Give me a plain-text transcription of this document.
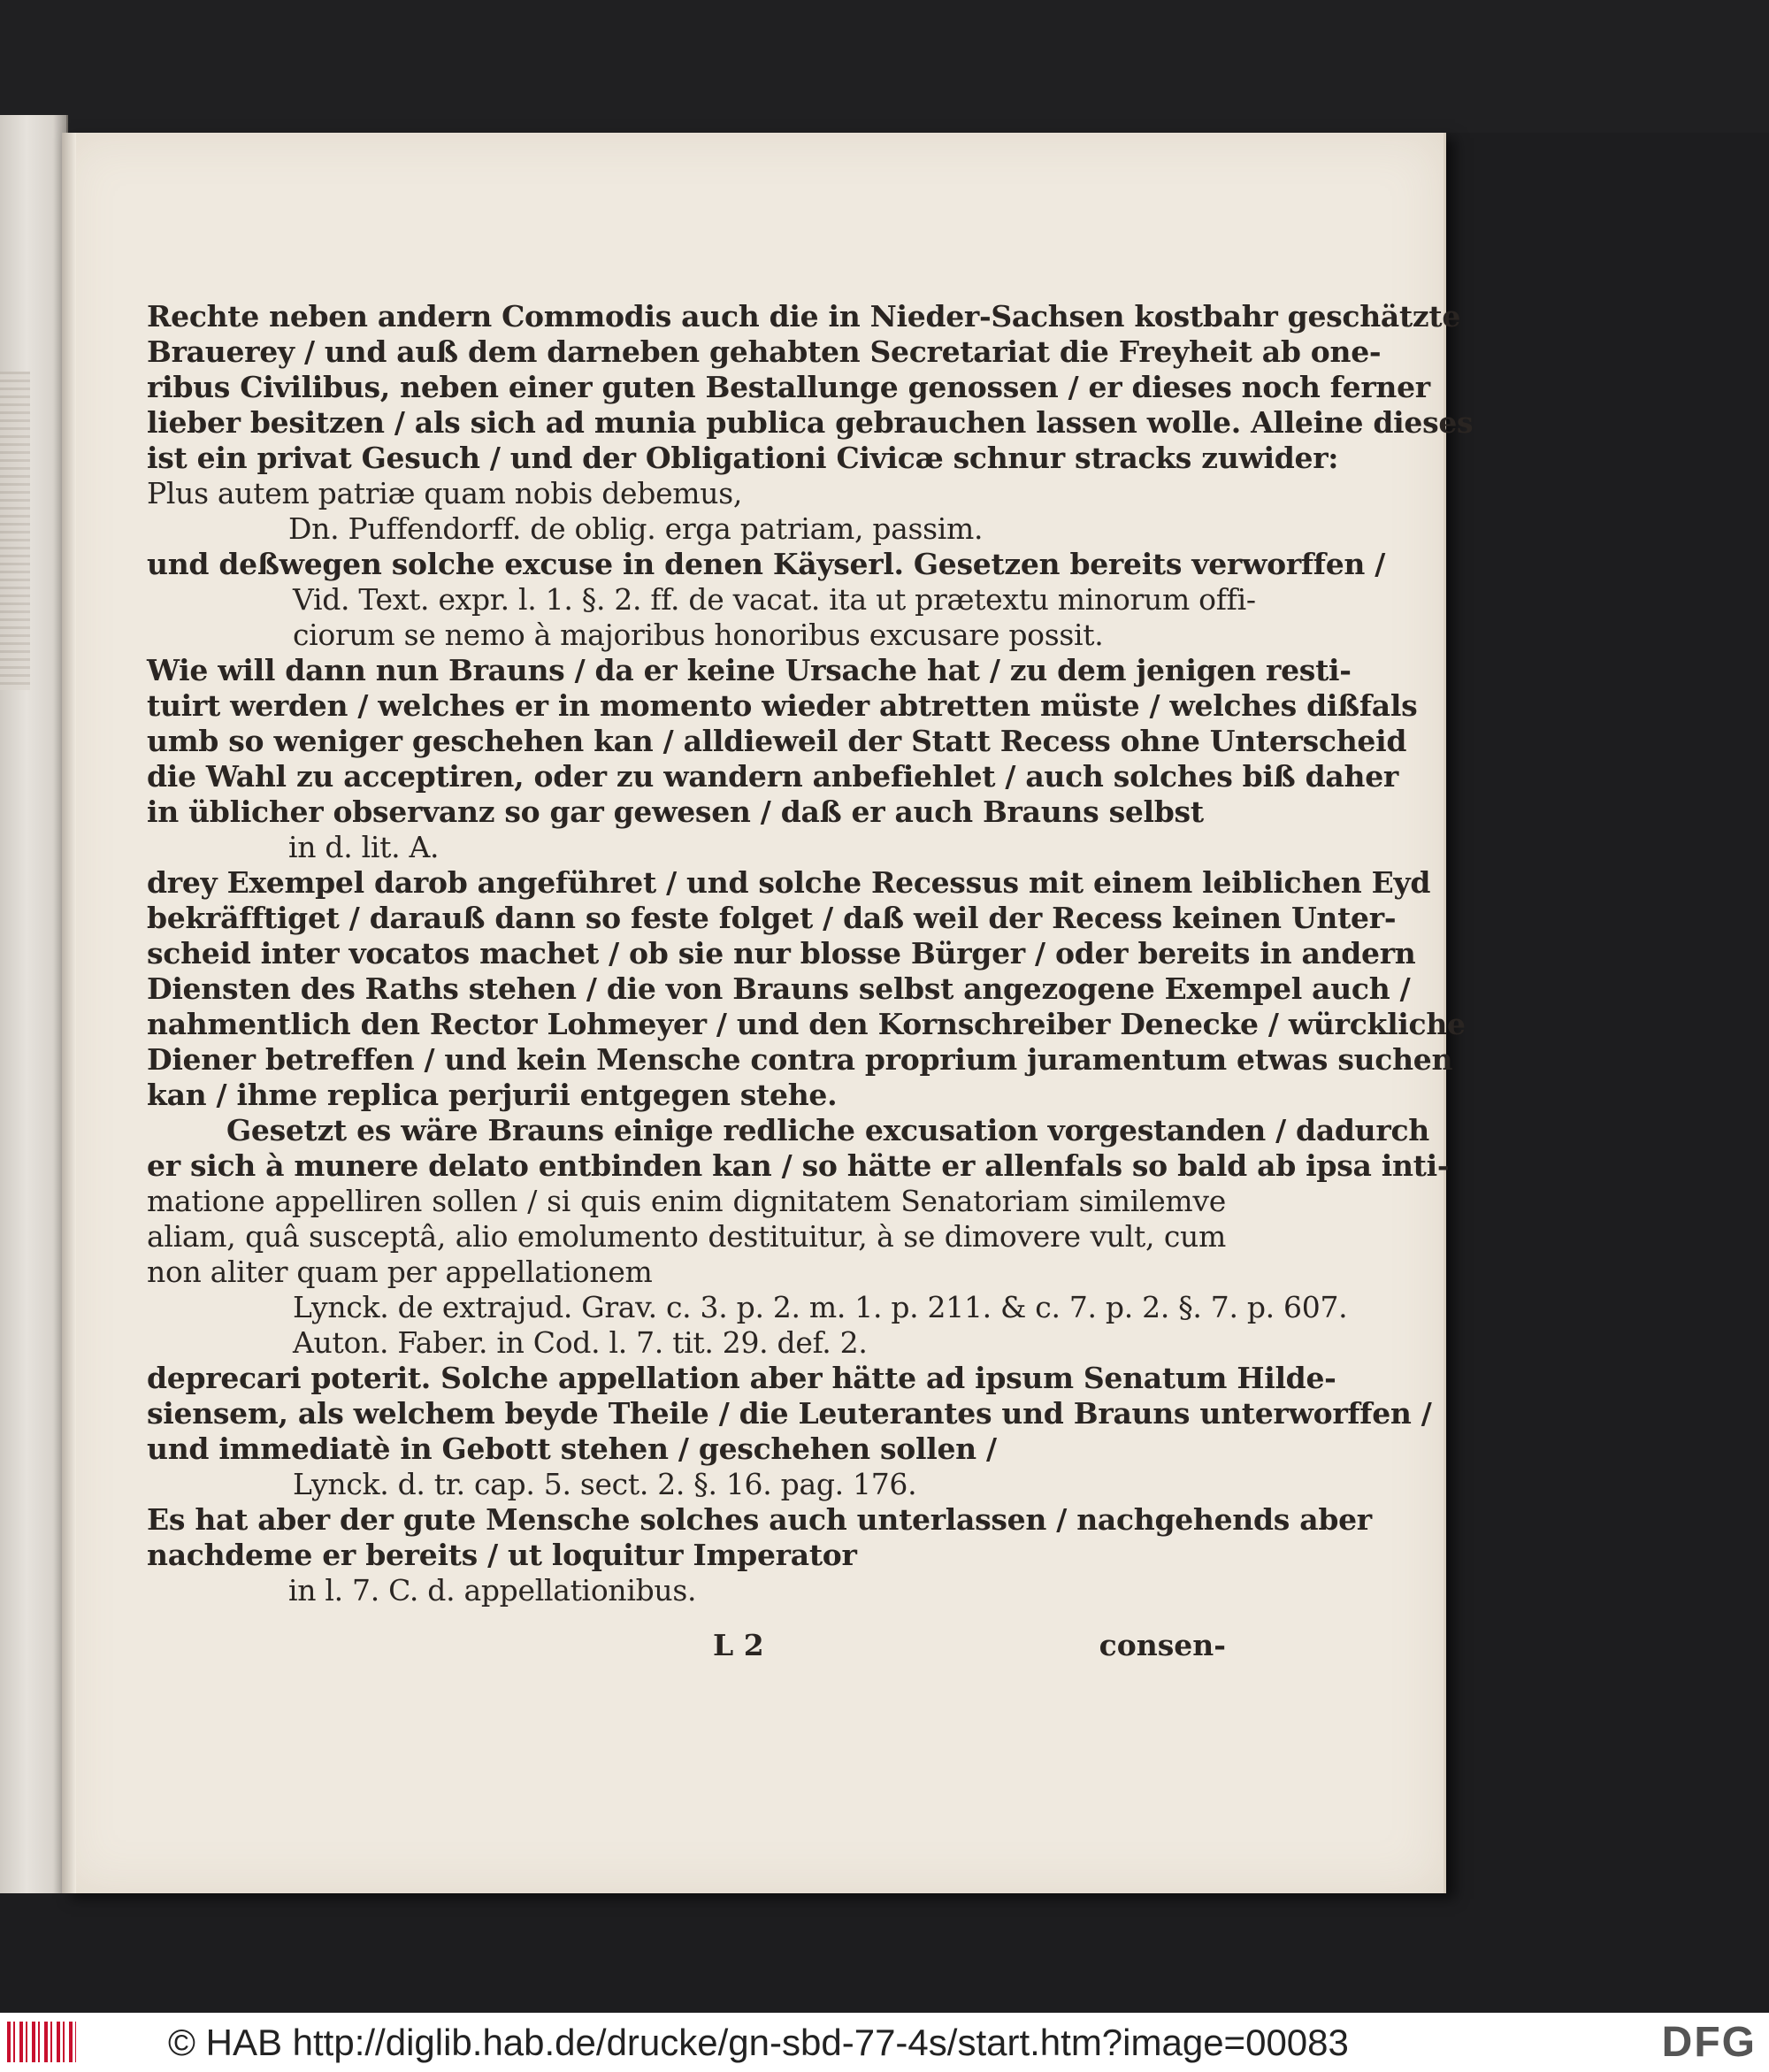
Rechte neben andern Commodis auch die in Nieder-Sachsen kostbahr geschätzte
Brauerey / und auß dem darneben gehabten Secretariat die Freyheit ab one-
ribus Civilibus, neben einer guten Bestallunge genossen / er dieses noch ferner
lieber besitzen / als sich ad munia publica gebrauchen lassen wolle. Alleine dieses
ist ein privat Gesuch / und der Obligationi Civicæ schnur stracks zuwider:
Plus autem patriæ quam nobis debemus,
Dn. Puffendorff. de oblig. erga patriam, passim.
und deßwegen solche excuse in denen Käyserl. Gesetzen bereits verworffen /
Vid. Text. expr. l. 1. §. 2. ff. de vacat. ita ut prætextu minorum offi-
ciorum se nemo à majoribus honoribus excusare possit.
Wie will dann nun Brauns / da er keine Ursache hat / zu dem jenigen resti-
tuirt werden / welches er in momento wieder abtretten müste / welches dißfals
umb so weniger geschehen kan / alldieweil der Statt Recess ohne Unterscheid
die Wahl zu acceptiren, oder zu wandern anbefiehlet / auch solches biß daher
in üblicher observanz so gar gewesen / daß er auch Brauns selbst
in d. lit. A.
drey Exempel darob angeführet / und solche Recessus mit einem leiblichen Eyd
bekräfftiget / darauß dann so feste folget / daß weil der Recess keinen Unter-
scheid inter vocatos machet / ob sie nur blosse Bürger / oder bereits in andern
Diensten des Raths stehen / die von Brauns selbst angezogene Exempel auch /
nahmentlich den Rector Lohmeyer / und den Kornschreiber Denecke / würckliche
Diener betreffen / und kein Mensche contra proprium juramentum etwas suchen
kan / ihme replica perjurii entgegen stehe.
Gesetzt es wäre Brauns einige redliche excusation vorgestanden / dadurch
er sich à munere delato entbinden kan / so hätte er allenfals so bald ab ipsa inti-
matione appelliren sollen / si quis enim dignitatem Senatoriam similemve
aliam, quâ susceptâ, alio emolumento destituitur, à se dimovere vult, cum
non aliter quam per appellationem
Lynck. de extrajud. Grav. c. 3. p. 2. m. 1. p. 211. & c. 7. p. 2. §. 7. p. 607.
Auton. Faber. in Cod. l. 7. tit. 29. def. 2.
deprecari poterit. Solche appellation aber hätte ad ipsum Senatum Hilde-
siensem, als welchem beyde Theile / die Leuterantes und Brauns unterworffen /
und immediatè in Gebott stehen / geschehen sollen /
Lynck. d. tr. cap. 5. sect. 2. §. 16. pag. 176.
Es hat aber der gute Mensche solches auch unterlassen / nachgehends aber
nachdeme er bereits / ut loquitur Imperator
in l. 7. C. d. appellationibus.
L 2	consen-
© HAB http://diglib.hab.de/drucke/gn-sbd-77-4s/start.htm?image=00083	DFG
